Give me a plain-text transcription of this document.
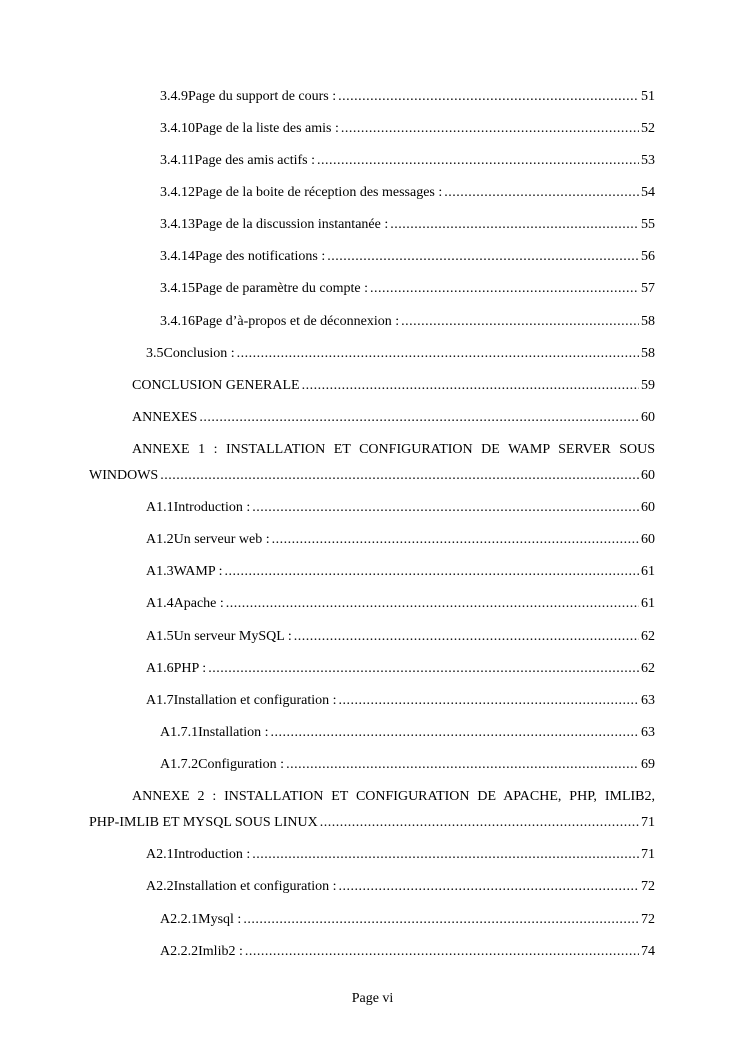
3.4.9 Page du support de cours : .....	51
3.4.10 Page de la liste des amis : .....	52
3.4.11 Page des amis actifs : .....	53
3.4.12 Page de la boite de réception des messages : .....	54
3.4.13 Page de la discussion instantanée : .....	55
3.4.14 Page des notifications : .....	56
3.4.15 Page de paramètre du compte : .....	57
3.4.16 Page d’à-propos et de déconnexion : .....	58
3.5 Conclusion : .....	58
CONCLUSION GENERALE .....	59
ANNEXES .....	60
ANNEXE 1 : INSTALLATION ET CONFIGURATION DE WAMP SERVER SOUS
WINDOWS .....	60
A1.1 Introduction : .....	60
A1.2 Un serveur web : .....	60
A1.3 WAMP : .....	61
A1.4 Apache : .....	61
A1.5 Un serveur MySQL : .....	62
A1.6 PHP : .....	62
A1.7 Installation et configuration : .....	63
A1.7.1 Installation : .....	63
A1.7.2 Configuration : .....	69
ANNEXE 2 : INSTALLATION ET CONFIGURATION DE APACHE, PHP, IMLIB2,
PHP-IMLIB ET MYSQL SOUS LINUX .....	71
A2.1 Introduction : .....	71
A2.2 Installation et configuration : .....	72
A2.2.1 Mysql : .....	72
A2.2.2 Imlib2 : .....	74
Page vi
